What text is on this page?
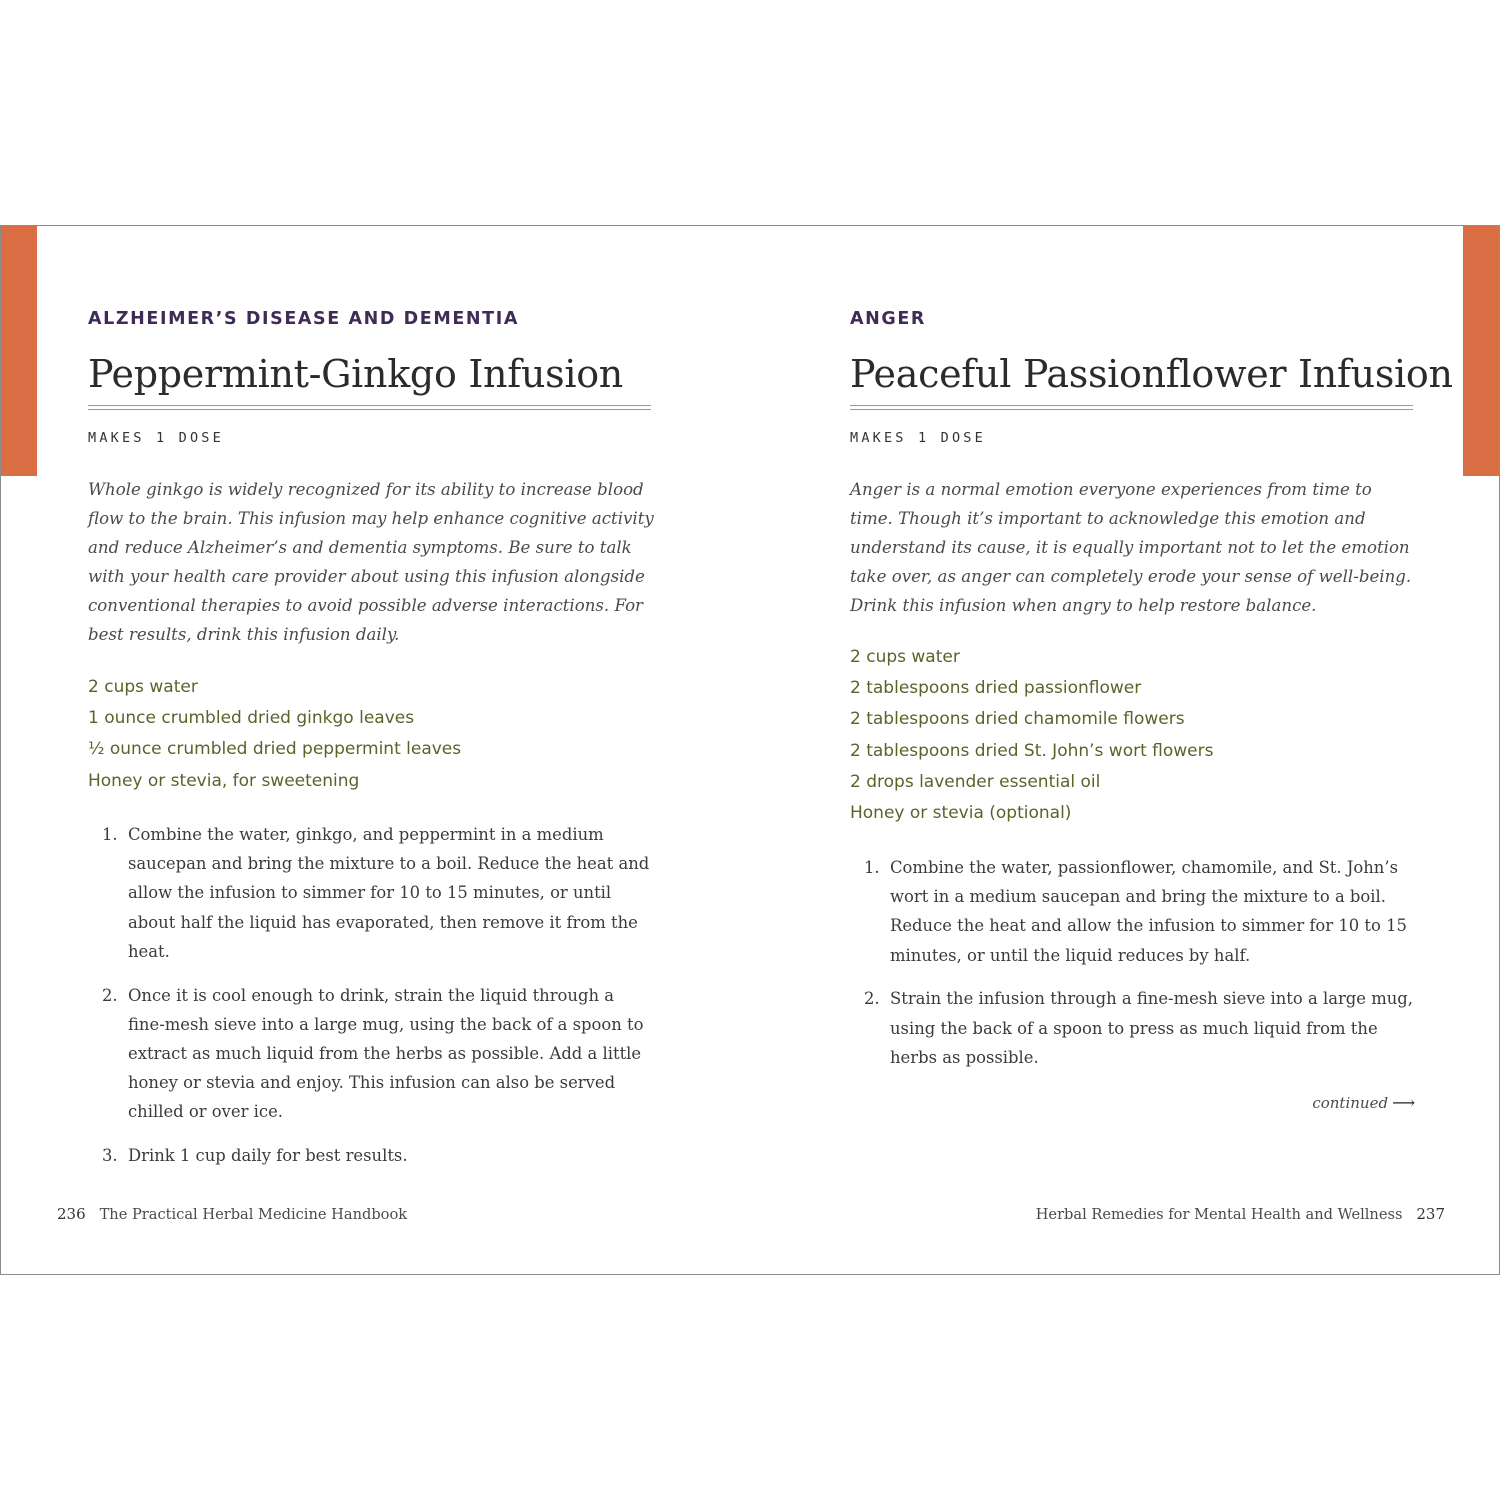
ALZHEIMER’S DISEASE AND DEMENTIA
Peppermint-Ginkgo Infusion
MAKES 1 DOSE

Whole ginkgo is widely recognized for its ability to increase blood flow to the brain. This infusion may help enhance cognitive activity and reduce Alzheimer’s and dementia symptoms. Be sure to talk with your health care provider about using this infusion alongside conventional therapies to avoid possible adverse interactions. For best results, drink this infusion daily.

2 cups water
1 ounce crumbled dried ginkgo leaves
½ ounce crumbled dried peppermint leaves
Honey or stevia, for sweetening
1. Combine the water, ginkgo, and peppermint in a medium saucepan and bring the mixture to a boil. Reduce the heat and allow the infusion to simmer for 10 to 15 minutes, or until about half the liquid has evaporated, then remove it from the heat.
2. Once it is cool enough to drink, strain the liquid through a fine-mesh sieve into a large mug, using the back of a spoon to extract as much liquid from the herbs as possible. Add a little honey or stevia and enjoy. This infusion can also be served chilled or over ice.
3. Drink 1 cup daily for best results.
ANGER
Peaceful Passionflower Infusion
MAKES 1 DOSE

Anger is a normal emotion everyone experiences from time to time. Though it’s important to acknowledge this emotion and understand its cause, it is equally important not to let the emotion take over, as anger can completely erode your sense of well-being. Drink this infusion when angry to help restore balance.

2 cups water
2 tablespoons dried passionflower
2 tablespoons dried chamomile flowers
2 tablespoons dried St. John’s wort flowers
2 drops lavender essential oil
Honey or stevia (optional)
1. Combine the water, passionflower, chamomile, and St. John’s wort in a medium saucepan and bring the mixture to a boil. Reduce the heat and allow the infusion to simmer for 10 to 15 minutes, or until the liquid reduces by half.
2. Strain the infusion through a fine-mesh sieve into a large mug, using the back of a spoon to press as much liquid from the herbs as possible.
continued ⟶
236 The Practical Herbal Medicine Handbook	Herbal Remedies for Mental Health and Wellness 237
